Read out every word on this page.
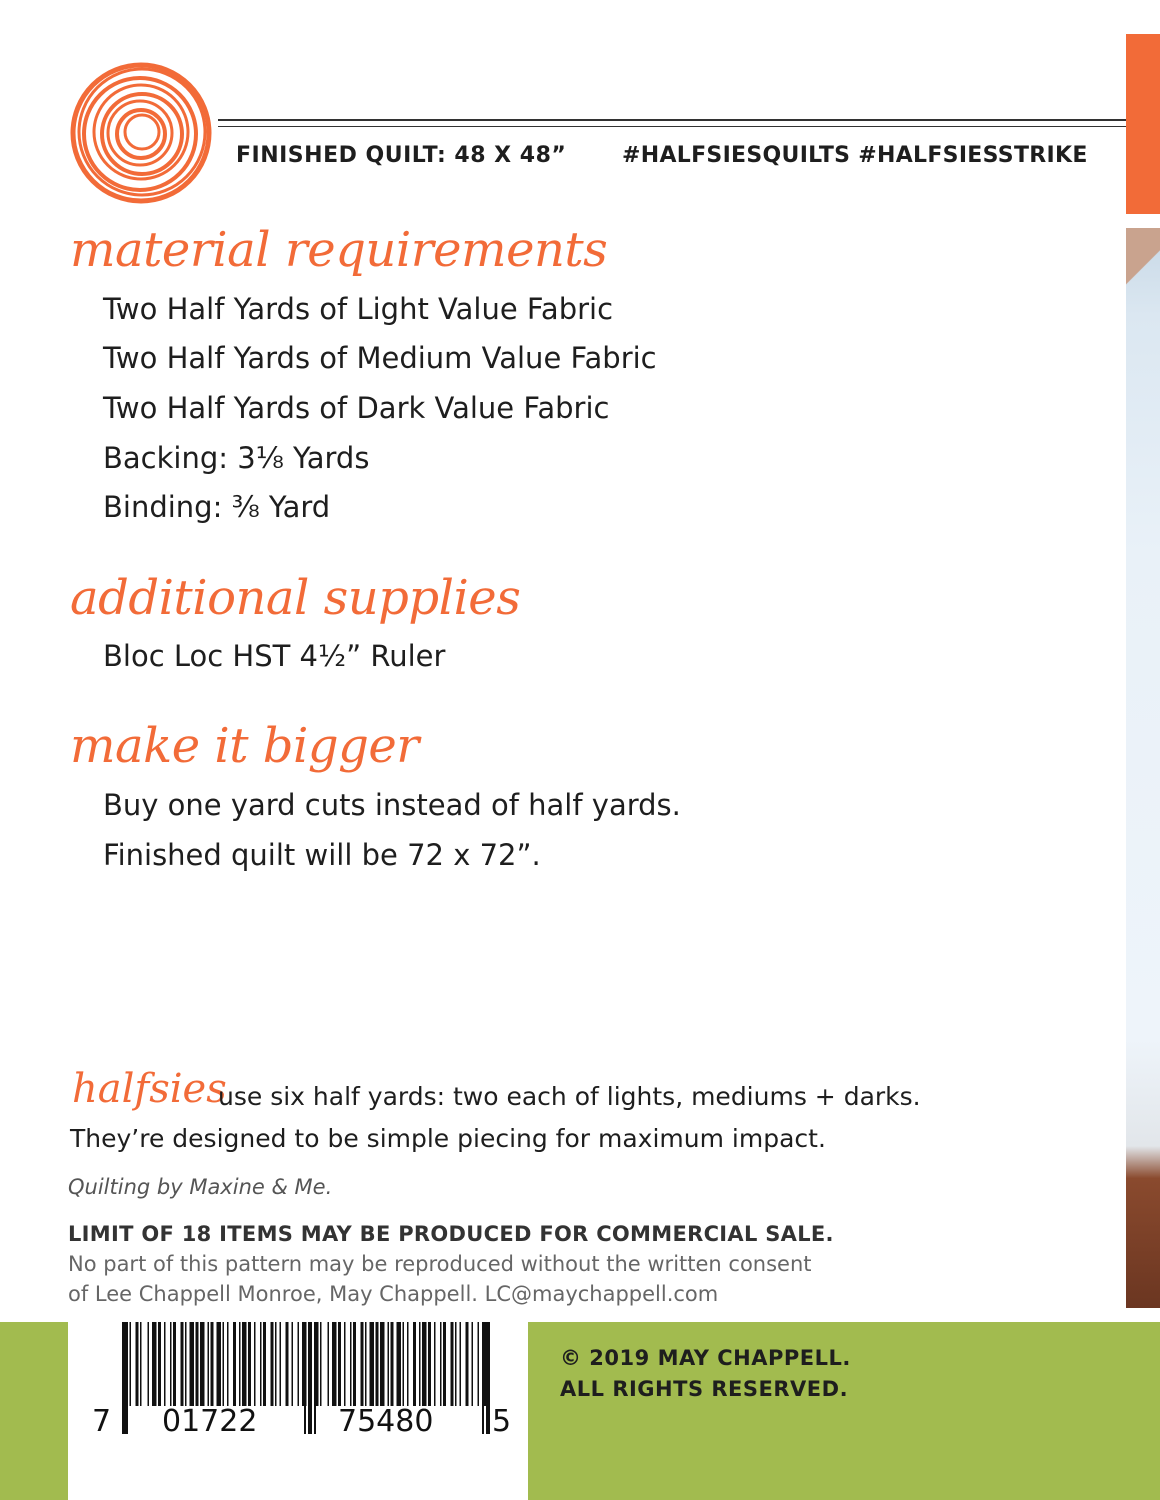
FINISHED QUILT: 48 X 48”	#HALFSIESQUILTS #HALFSIESSTRIKE
material requirements
Two Half Yards of Light Value Fabric
Two Half Yards of Medium Value Fabric
Two Half Yards of Dark Value Fabric
Backing: 3⅛ Yards
Binding: ⅜ Yard
additional supplies
Bloc Loc HST 4½” Ruler
make it bigger
Buy one yard cuts instead of half yards.
Finished quilt will be 72 x 72”.
halfsies
use six half yards: two each of lights, mediums + darks.
They’re designed to be simple piecing for maximum impact.
Quilting by Maxine & Me.
LIMIT OF 18 ITEMS MAY BE PRODUCED FOR COMMERCIAL SALE.
No part of this pattern may be reproduced without the written consent
of Lee Chappell Monroe, May Chappell. LC@maychappell.com
7 01722	75480 5
© 2019 MAY CHAPPELL.
ALL RIGHTS RESERVED.
